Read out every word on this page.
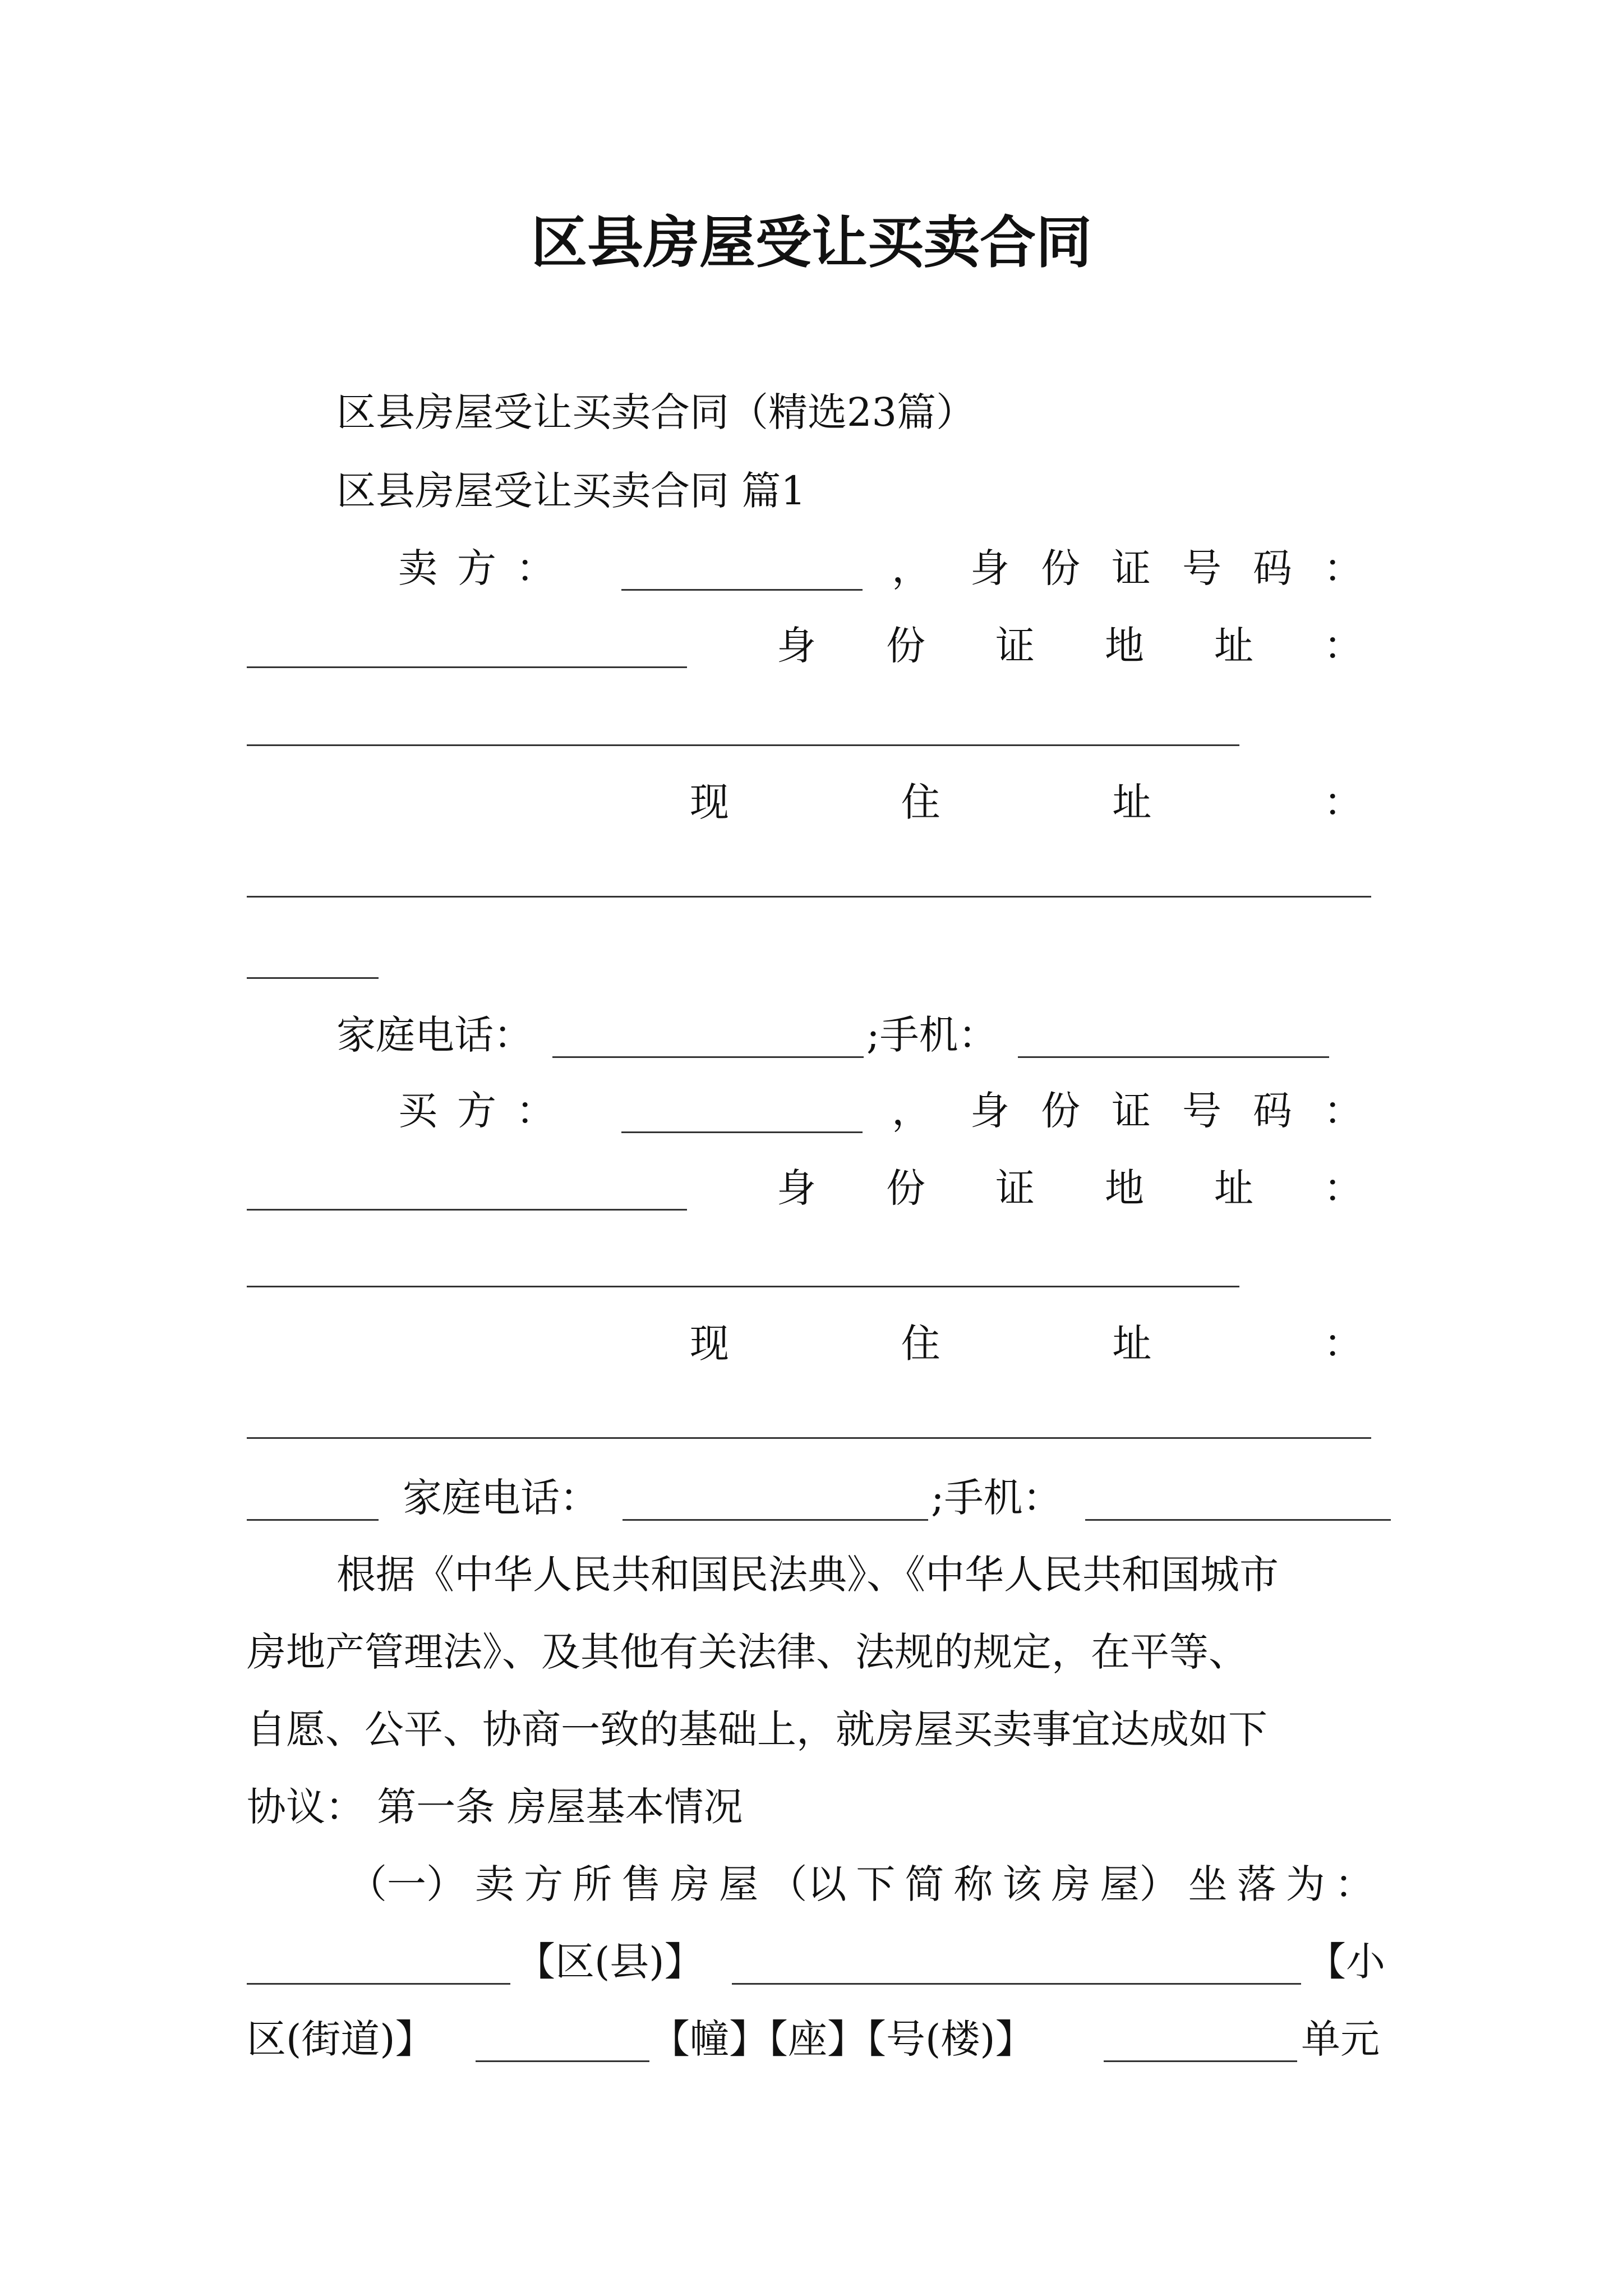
区县房屋受让买卖合同
区县房屋受让买卖合同（精选23篇）
区县房屋受让买卖合同 篇1
卖 方 ：	， 身 份 证 号 码 ：
身 份 证 地 址 ：
现	住	址	：
家庭电话：	;手机：
买 方 ：	， 身 份 证 号 码 ：
身 份 证 地 址 ：
现	住	址	：
家庭电话：	;手机：
根据《中华人民共和国民法典》、《中华人民共和国城市
房地产管理法》、及其他有关法律、法规的规定，在平等、
自愿、公平、协商一致的基础上，就房屋买卖事宜达成如下
协议： 第一条 房屋基本情况
（一） 卖 方 所 售 房 屋 （以 下 简 称 该 房 屋） 坐 落 为 ：
【区(县)】	【小
区(街道)】	【幢】【座】【号(楼)】	单元
